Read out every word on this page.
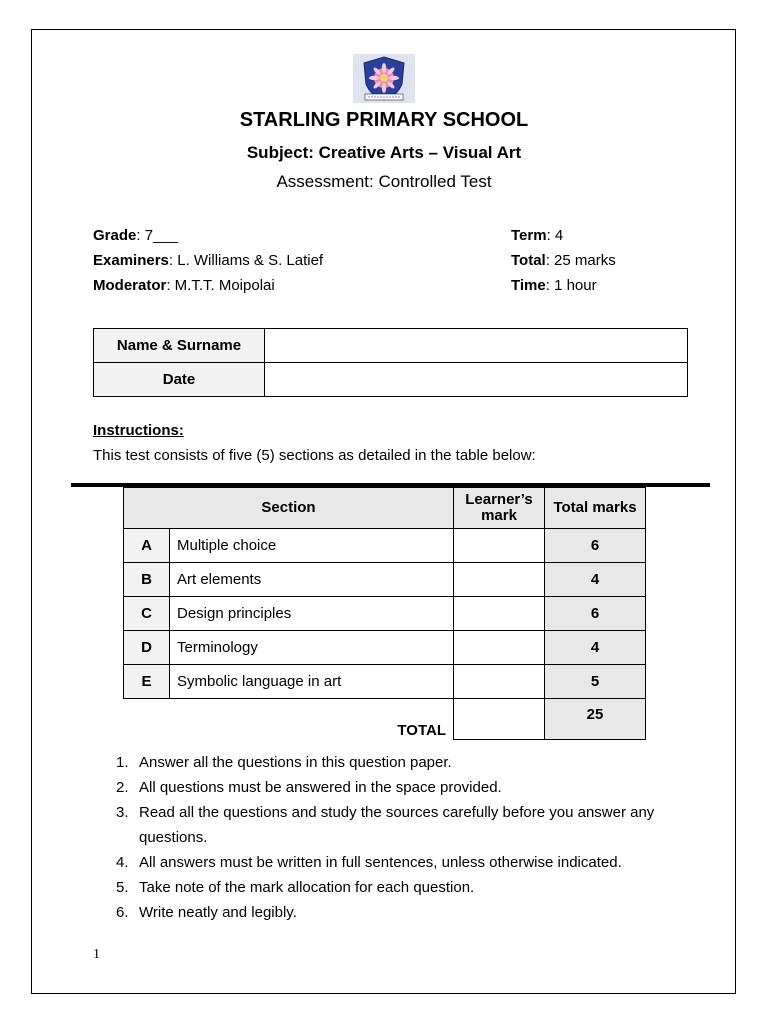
STARLING PRIMARY SCHOOL
Subject: Creative Arts – Visual Art
Assessment: Controlled Test
Grade: 7___
Examiners: L. Williams & S. Latief
Moderator: M.T.T. Moipolai
Term: 4
Total: 25 marks
Time: 1 hour
Name & Surname	
Date	
Instructions:
This test consists of five (5) sections as detailed in the table below:
Section		Learner’s mark	Total marks
A	Multiple choice		6
B	Art elements		4
C	Design principles		6
D	Terminology		4
E	Symbolic language in art		5
	TOTAL		25
1. Answer all the questions in this question paper.
2. All questions must be answered in the space provided.
3. Read all the questions and study the sources carefully before you answer any questions.
4. All answers must be written in full sentences, unless otherwise indicated.
5. Take note of the mark allocation for each question.
6. Write neatly and legibly.
1
